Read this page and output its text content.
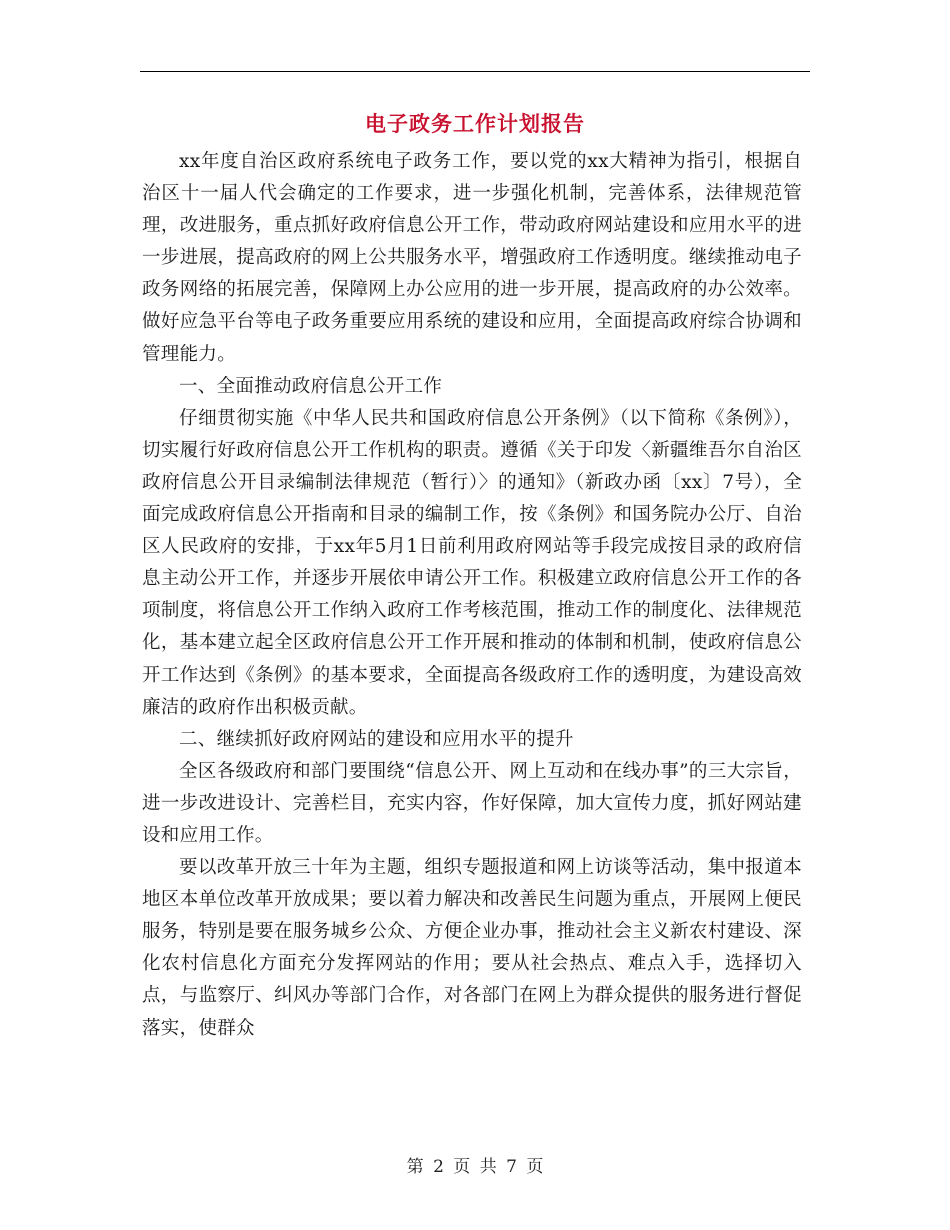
电子政务工作计划报告

xx年度自治区政府系统电子政务工作，要以党的xx大精神为指引，根据自治区十一届人代会确定的工作要求，进一步强化机制，完善体系，法律规范管理，改进服务，重点抓好政府信息公开工作，带动政府网站建设和应用水平的进一步进展，提高政府的网上公共服务水平，增强政府工作透明度。继续推动电子政务网络的拓展完善，保障网上办公应用的进一步开展，提高政府的办公效率。做好应急平台等电子政务重要应用系统的建设和应用，全面提高政府综合协调和管理能力。

一、全面推动政府信息公开工作

仔细贯彻实施《中华人民共和国政府信息公开条例》（以下简称《条例》），切实履行好政府信息公开工作机构的职责。遵循《关于印发〈新疆维吾尔自治区政府信息公开目录编制法律规范（暂行）〉的通知》（新政办函〔xx〕7号），全面完成政府信息公开指南和目录的编制工作，按《条例》和国务院办公厅、自治区人民政府的安排，于xx年5月1日前利用政府网站等手段完成按目录的政府信息主动公开工作，并逐步开展依申请公开工作。积极建立政府信息公开工作的各项制度，将信息公开工作纳入政府工作考核范围，推动工作的制度化、法律规范化，基本建立起全区政府信息公开工作开展和推动的体制和机制，使政府信息公开工作达到《条例》的基本要求，全面提高各级政府工作的透明度，为建设高效廉洁的政府作出积极贡献。

二、继续抓好政府网站的建设和应用水平的提升

全区各级政府和部门要围绕“信息公开、网上互动和在线办事”的三大宗旨，进一步改进设计、完善栏目，充实内容，作好保障，加大宣传力度，抓好网站建设和应用工作。

要以改革开放三十年为主题，组织专题报道和网上访谈等活动，集中报道本地区本单位改革开放成果；要以着力解决和改善民生问题为重点，开展网上便民服务，特别是要在服务城乡公众、方便企业办事，推动社会主义新农村建设、深化农村信息化方面充分发挥网站的作用；要从社会热点、难点入手，选择切入点，与监察厅、纠风办等部门合作，对各部门在网上为群众提供的服务进行督促落实，使群众

第 2 页 共 7 页
